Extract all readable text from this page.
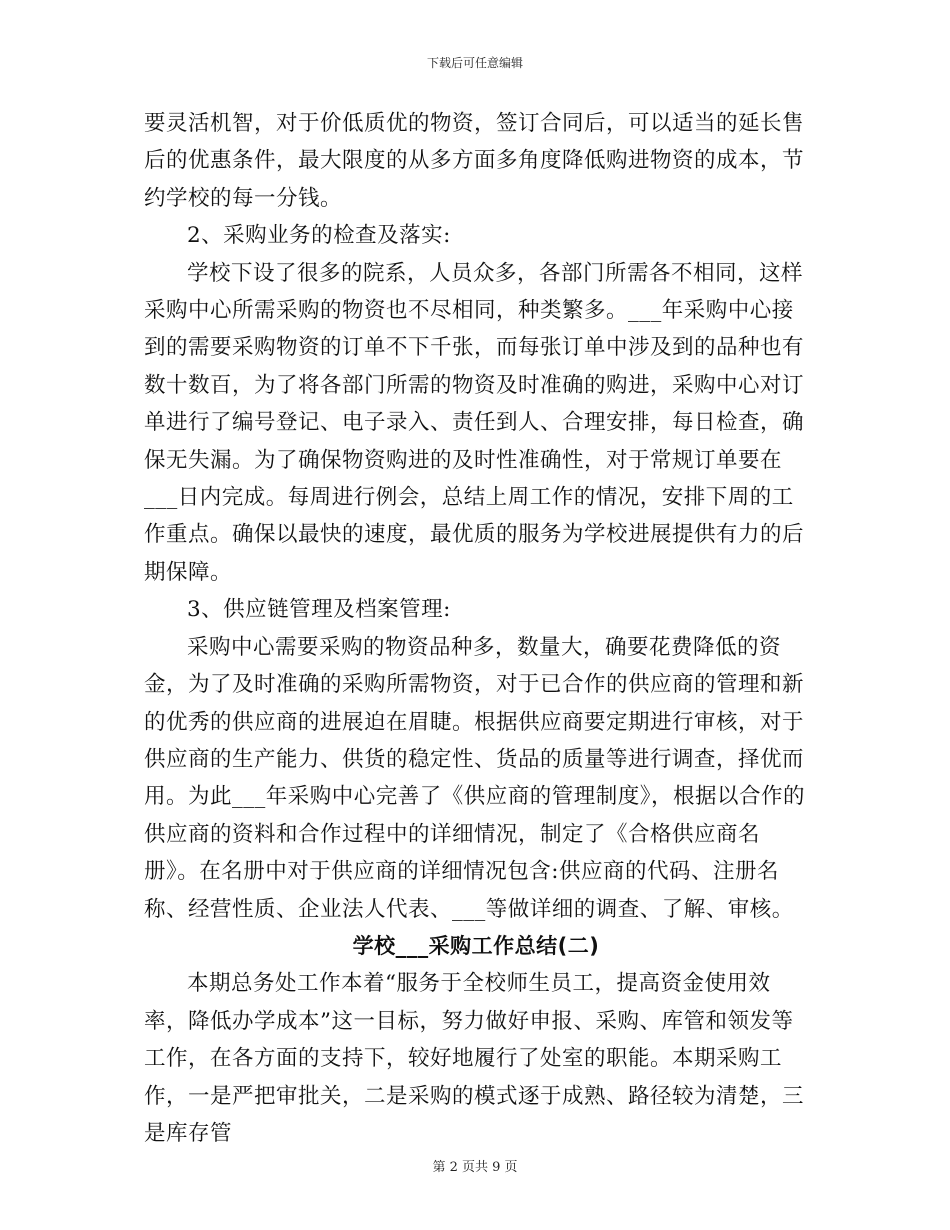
下载后可任意编辑

要灵活机智，对于价低质优的物资，签订合同后，可以适当的延长售后的优惠条件，最大限度的从多方面多角度降低购进物资的成本，节约学校的每一分钱。

2、采购业务的检查及落实:

学校下设了很多的院系，人员众多，各部门所需各不相同，这样采购中心所需采购的物资也不尽相同，种类繁多。___年采购中心接到的需要采购物资的订单不下千张，而每张订单中涉及到的品种也有数十数百，为了将各部门所需的物资及时准确的购进，采购中心对订单进行了编号登记、电子录入、责任到人、合理安排，每日检查，确保无失漏。为了确保物资购进的及时性准确性，对于常规订单要在___日内完成。每周进行例会，总结上周工作的情况，安排下周的工作重点。确保以最快的速度，最优质的服务为学校进展提供有力的后期保障。

3、供应链管理及档案管理:

采购中心需要采购的物资品种多，数量大，确要花费降低的资金，为了及时准确的采购所需物资，对于已合作的供应商的管理和新的优秀的供应商的进展迫在眉睫。根据供应商要定期进行审核，对于供应商的生产能力、供货的稳定性、货品的质量等进行调查，择优而用。为此___年采购中心完善了《供应商的管理制度》，根据以合作的供应商的资料和合作过程中的详细情况，制定了《合格供应商名册》。在名册中对于供应商的详细情况包含:供应商的代码、注册名称、经营性质、企业法人代表、___等做详细的调查、了解、审核。

学校___采购工作总结(二)

本期总务处工作本着“服务于全校师生员工，提高资金使用效率，降低办学成本”这一目标，努力做好申报、采购、库管和领发等工作，在各方面的支持下，较好地履行了处室的职能。本期采购工作，一是严把审批关，二是采购的模式逐于成熟、路径较为清楚，三是库存管

第 2 页共 9 页
